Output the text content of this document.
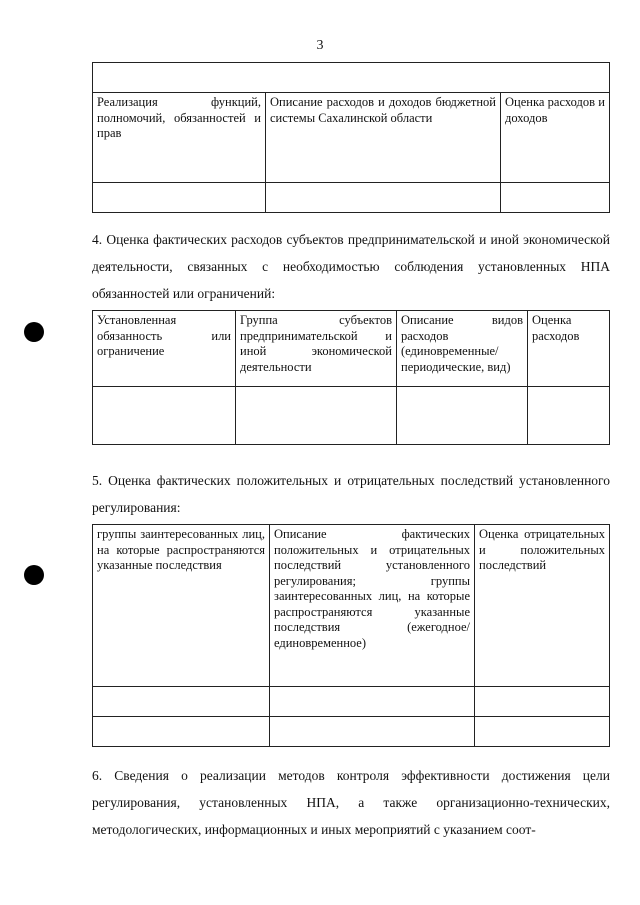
3

Реализация функций, полномочий, обязанностей и прав	Описание расходов и доходов бюджетной системы Сахалинской области	Оценка расходов и доходов

4. Оценка фактических расходов субъектов предпринимательской и иной экономической деятельности, связанных с необходимостью соблюдения установленных НПА обязанностей или ограничений:
Установленная обязанность или ограничение	Группа субъектов предпринимательской и иной экономической деятельности	Описание видов расходов (единовременные/ периодические, вид)	Оценка расходов

5. Оценка фактических положительных и отрицательных последствий установленного регулирования:
группы заинтересованных лиц, на которые распространяются указанные последствия	Описание фактических положительных и отрицательных последствий установленного регулирования; группы заинтересованных лиц, на которые распространяются указанные последствия (ежегодное/единовременное)	Оценка отрицательных и положительных последствий

6. Сведения о реализации методов контроля эффективности достижения цели регулирования, установленных НПА, а также организационно-технических, методологических, информационных и иных мероприятий с указанием соот-
